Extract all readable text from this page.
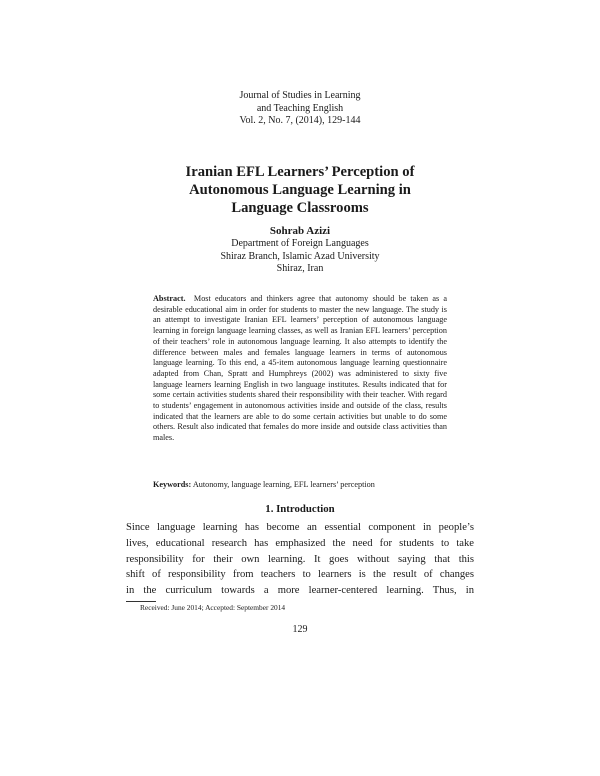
Journal of Studies in Learning
and Teaching English
Vol. 2, No. 7, (2014), 129-144
Iranian EFL Learners’ Perception of
Autonomous Language Learning in
Language Classrooms
Sohrab Azizi
Department of Foreign Languages
Shiraz Branch, Islamic Azad University
Shiraz, Iran
Abstract. Most educators and thinkers agree that autonomy should be taken as a desirable educational aim in order for students to master the new language. The study is an attempt to investigate Iranian EFL learners’ perception of autonomous language learning in foreign language learning classes, as well as Iranian EFL learners’ perception of their teachers’ role in autonomous language learning. It also attempts to identify the difference between males and females language learners in terms of autonomous language learning. To this end, a 45-item autonomous language learning questionnaire adapted from Chan, Spratt and Humphreys (2002) was administered to sixty five language learners learning English in two language institutes. Results indicated that for some certain activities students shared their responsibility with their teacher. With regard to students’ engagement in autonomous activities inside and outside of the class, results indicated that the learners are able to do some certain activities but unable to do some others. Result also indicated that females do more inside and outside class activities than males.
Keywords: Autonomy, language learning, EFL learners’ perception
1. Introduction
Since language learning has become an essential component in people’s
lives, educational research has emphasized the need for students to take
responsibility for their own learning. It goes without saying that this
shift of responsibility from teachers to learners is the result of changes
in the curriculum towards a more learner-centered learning. Thus, in
Received: June 2014; Accepted: September 2014
129
